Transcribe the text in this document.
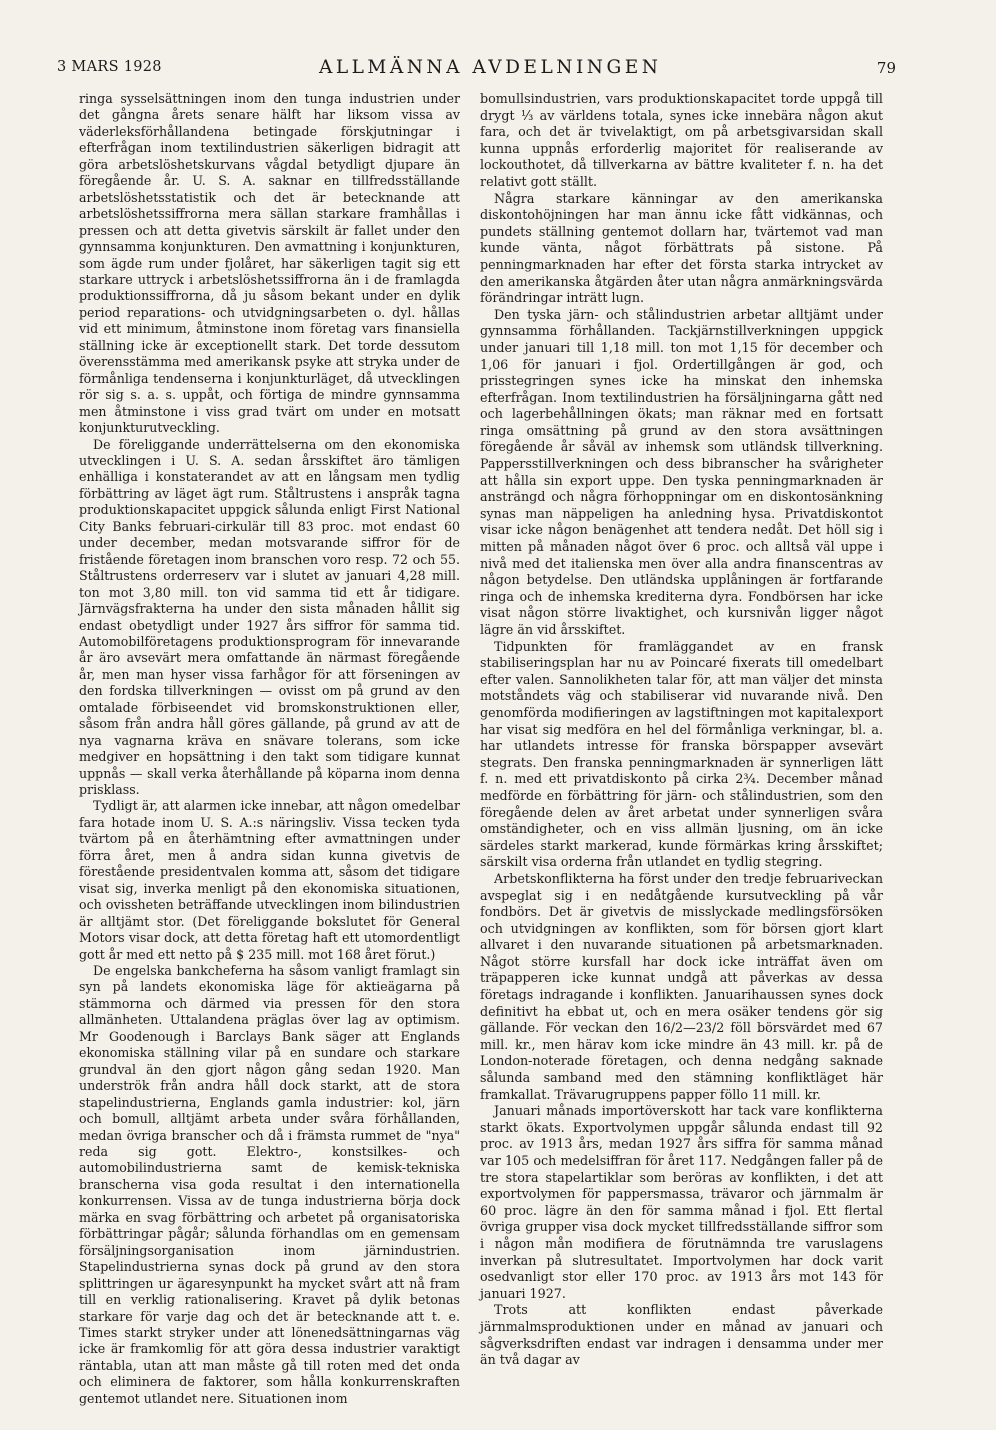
3 MARS 1928	ALLMÄNNA AVDELNINGEN	79

ringa sysselsättningen inom den tunga industrien under det gångna årets senare hälft har liksom vissa av väderleksförhållandena betingade förskjutningar i efterfrågan inom textilindustrien säkerligen bidragit att göra arbetslöshetskurvans vågdal betydligt djupare än föregående år. U. S. A. saknar en tillfredsställande arbetslöshetsstatistik och det är betecknande att arbetslöshetssiffrorna mera sällan starkare framhållas i pressen och att detta givetvis särskilt är fallet under den gynnsamma konjunkturen. Den avmattning i konjunkturen, som ägde rum under fjolåret, har säkerligen tagit sig ett starkare uttryck i arbetslöshetssiffrorna än i de framlagda produktionssiffrorna, då ju såsom bekant under en dylik period reparations- och utvidgningsarbeten o. dyl. hållas vid ett minimum, åtminstone inom företag vars finansiella ställning icke är exceptionellt stark. Det torde dessutom överensstämma med amerikansk psyke att stryka under de förmånliga tendenserna i konjunkturläget, då utvecklingen rör sig s. a. s. uppåt, och förtiga de mindre gynnsamma men åtminstone i viss grad tvärt om under en motsatt konjunkturutveckling.

De föreliggande underrättelserna om den ekonomiska utvecklingen i U. S. A. sedan årsskiftet äro tämligen enhälliga i konstaterandet av att en långsam men tydlig förbättring av läget ägt rum. Ståltrustens i anspråk tagna produktionskapacitet uppgick sålunda enligt First National City Banks februari-cirkulär till 83 proc. mot endast 60 under december, medan motsvarande siffror för de fristående företagen inom branschen voro resp. 72 och 55. Ståltrustens orderreserv var i slutet av januari 4,28 mill. ton mot 3,80 mill. ton vid samma tid ett år tidigare. Järnvägsfrakterna ha under den sista månaden hållit sig endast obetydligt under 1927 års siffror för samma tid. Automobilföretagens produktionsprogram för innevarande år äro avsevärt mera omfattande än närmast föregående år, men man hyser vissa farhågor för att förseningen av den fordska tillverkningen — ovisst om på grund av den omtalade förbiseendet vid bromskonstruktionen eller, såsom från andra håll göres gällande, på grund av att de nya vagnarna kräva en snävare tolerans, som icke medgiver en hopsättning i den takt som tidigare kunnat uppnås — skall verka återhållande på köparna inom denna prisklass.

Tydligt är, att alarmen icke innebar, att någon omedelbar fara hotade inom U. S. A.:s näringsliv. Vissa tecken tyda tvärtom på en återhämtning efter avmattningen under förra året, men å andra sidan kunna givetvis de förestående presidentvalen komma att, såsom det tidigare visat sig, inverka menligt på den ekonomiska situationen, och ovissheten beträffande utvecklingen inom bilindustrien är alltjämt stor. (Det föreliggande bokslutet för General Motors visar dock, att detta företag haft ett utomordentligt gott år med ett netto på $ 235 mill. mot 168 året förut.)

De engelska bankcheferna ha såsom vanligt framlagt sin syn på landets ekonomiska läge för aktieägarna på stämmorna och därmed via pressen för den stora allmänheten. Uttalandena präglas över lag av optimism. Mr Goodenough i Barclays Bank säger att Englands ekonomiska ställning vilar på en sundare och starkare grundval än den gjort någon gång sedan 1920. Man underströk från andra håll dock starkt, att de stora stapelindustrierna, Englands gamla industrier: kol, järn och bomull, alltjämt arbeta under svåra förhållanden, medan övriga branscher och då i främsta rummet de "nya" reda sig gott. Elektro-, konstsilkes- och automobilindustrierna samt de kemisk-tekniska branscherna visa goda resultat i den internationella konkurrensen. Vissa av de tunga industrierna börja dock märka en svag förbättring och arbetet på organisatoriska förbättringar pågår; sålunda förhandlas om en gemensam försäljningsorganisation inom järnindustrien. Stapelindustrierna synas dock på grund av den stora splittringen ur ägaresynpunkt ha mycket svårt att nå fram till en verklig rationalisering. Kravet på dylik betonas starkare för varje dag och det är betecknande att t. e. Times starkt stryker under att lönenedsättningarnas väg icke är framkomlig för att göra dessa industrier varaktigt räntabla, utan att man måste gå till roten med det onda och eliminera de faktorer, som hålla konkurrenskraften gentemot utlandet nere. Situationen inom

bomullsindustrien, vars produktionskapacitet torde uppgå till drygt ⅓ av världens totala, synes icke innebära någon akut fara, och det är tvivelaktigt, om på arbetsgivarsidan skall kunna uppnås erforderlig majoritet för realiserande av lockouthotet, då tillverkarna av bättre kvaliteter f. n. ha det relativt gott ställt.

Några starkare känningar av den amerikanska diskontohöjningen har man ännu icke fått vidkännas, och pundets ställning gentemot dollarn har, tvärtemot vad man kunde vänta, något förbättrats på sistone. På penningmarknaden har efter det första starka intrycket av den amerikanska åtgärden åter utan några anmärkningsvärda förändringar inträtt lugn.

Den tyska järn- och stålindustrien arbetar alltjämt under gynnsamma förhållanden. Tackjärnstillverkningen uppgick under januari till 1,18 mill. ton mot 1,15 för december och 1,06 för januari i fjol. Ordertillgången är god, och prisstegringen synes icke ha minskat den inhemska efterfrågan. Inom textilindustrien ha försäljningarna gått ned och lagerbehållningen ökats; man räknar med en fortsatt ringa omsättning på grund av den stora avsättningen föregående år såväl av inhemsk som utländsk tillverkning. Pappersstillverkningen och dess bibranscher ha svårigheter att hålla sin export uppe. Den tyska penningmarknaden är ansträngd och några förhoppningar om en diskontosänkning synas man näppeligen ha anledning hysa. Privatdiskontot visar icke någon benägenhet att tendera nedåt. Det höll sig i mitten på månaden något över 6 proc. och alltså väl uppe i nivå med det italienska men över alla andra finanscentras av någon betydelse. Den utländska upplåningen är fortfarande ringa och de inhemska krediterna dyra. Fondbörsen har icke visat någon större livaktighet, och kursnivån ligger något lägre än vid årsskiftet.

Tidpunkten för framläggandet av en fransk stabiliseringsplan har nu av Poincaré fixerats till omedelbart efter valen. Sannolikheten talar för, att man väljer det minsta motståndets väg och stabiliserar vid nuvarande nivå. Den genomförda modifieringen av lagstiftningen mot kapitalexport har visat sig medföra en hel del förmånliga verkningar, bl. a. har utlandets intresse för franska börspapper avsevärt stegrats. Den franska penningmarknaden är synnerligen lätt f. n. med ett privatdiskonto på cirka 2¾. December månad medförde en förbättring för järn- och stålindustrien, som den föregående delen av året arbetat under synnerligen svåra omständigheter, och en viss allmän ljusning, om än icke särdeles starkt markerad, kunde förmärkas kring årsskiftet; särskilt visa orderna från utlandet en tydlig stegring.

Arbetskonflikterna ha först under den tredje februariveckan avspeglat sig i en nedåtgående kursutveckling på vår fondbörs. Det är givetvis de misslyckade medlingsförsöken och utvidgningen av konflikten, som för börsen gjort klart allvaret i den nuvarande situationen på arbetsmarknaden. Något större kursfall har dock icke inträffat även om träpapperen icke kunnat undgå att påverkas av dessa företags indragande i konflikten. Januarihaussen synes dock definitivt ha ebbat ut, och en mera osäker tendens gör sig gällande. För veckan den 16/2—23/2 föll börsvärdet med 67 mill. kr., men härav kom icke mindre än 43 mill. kr. på de London-noterade företagen, och denna nedgång saknade sålunda samband med den stämning konfliktläget här framkallat. Trävarugruppens papper föllo 11 mill. kr.

Januari månads importöverskott har tack vare konflikterna starkt ökats. Exportvolymen uppgår sålunda endast till 92 proc. av 1913 års, medan 1927 års siffra för samma månad var 105 och medelsiffran för året 117. Nedgången faller på de tre stora stapelartiklar som beröras av konflikten, i det att exportvolymen för pappersmassa, trävaror och järnmalm är 60 proc. lägre än den för samma månad i fjol. Ett flertal övriga grupper visa dock mycket tillfredsställande siffror som i någon mån modifiera de förutnämnda tre varuslagens inverkan på slutresultatet. Importvolymen har dock varit osedvanligt stor eller 170 proc. av 1913 års mot 143 för januari 1927.

Trots att konflikten endast påverkade järnmalmsproduktionen under en månad av januari och sågverksdriften endast var indragen i densamma under mer än två dagar av
